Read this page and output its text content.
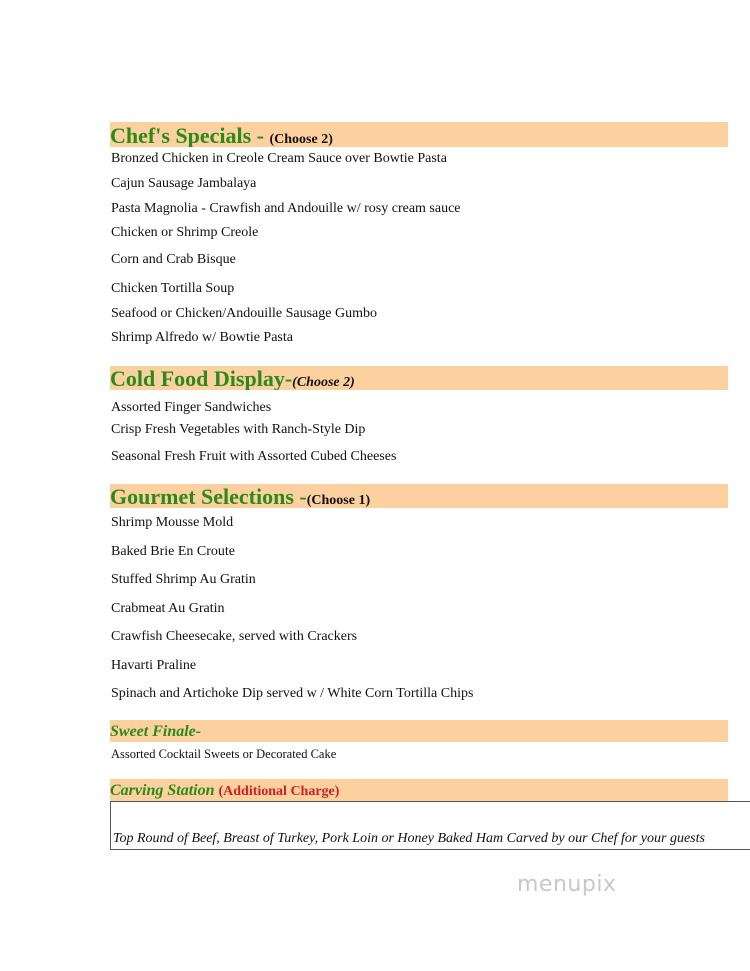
Chef's Specials - (Choose 2)
Bronzed Chicken in Creole Cream Sauce over Bowtie Pasta
Cajun Sausage Jambalaya
Pasta Magnolia - Crawfish and Andouille w/ rosy cream sauce
Chicken or Shrimp Creole
Corn and Crab Bisque
Chicken Tortilla Soup
Seafood or Chicken/Andouille Sausage Gumbo
Shrimp Alfredo w/ Bowtie Pasta
Cold Food Display-(Choose 2)
Assorted Finger Sandwiches
Crisp Fresh Vegetables with Ranch-Style Dip
Seasonal Fresh Fruit with Assorted Cubed Cheeses
Gourmet Selections -(Choose 1)
Shrimp Mousse Mold
Baked Brie En Croute
Stuffed Shrimp Au Gratin
Crabmeat Au Gratin
Crawfish Cheesecake, served with Crackers
Havarti Praline
Spinach and Artichoke Dip served w / White Corn Tortilla Chips
Sweet Finale-
Assorted Cocktail Sweets or Decorated Cake
Carving Station (Additional Charge)
Top Round of Beef, Breast of Turkey, Pork Loin or Honey Baked Ham Carved by our Chef for your guests
menupix
